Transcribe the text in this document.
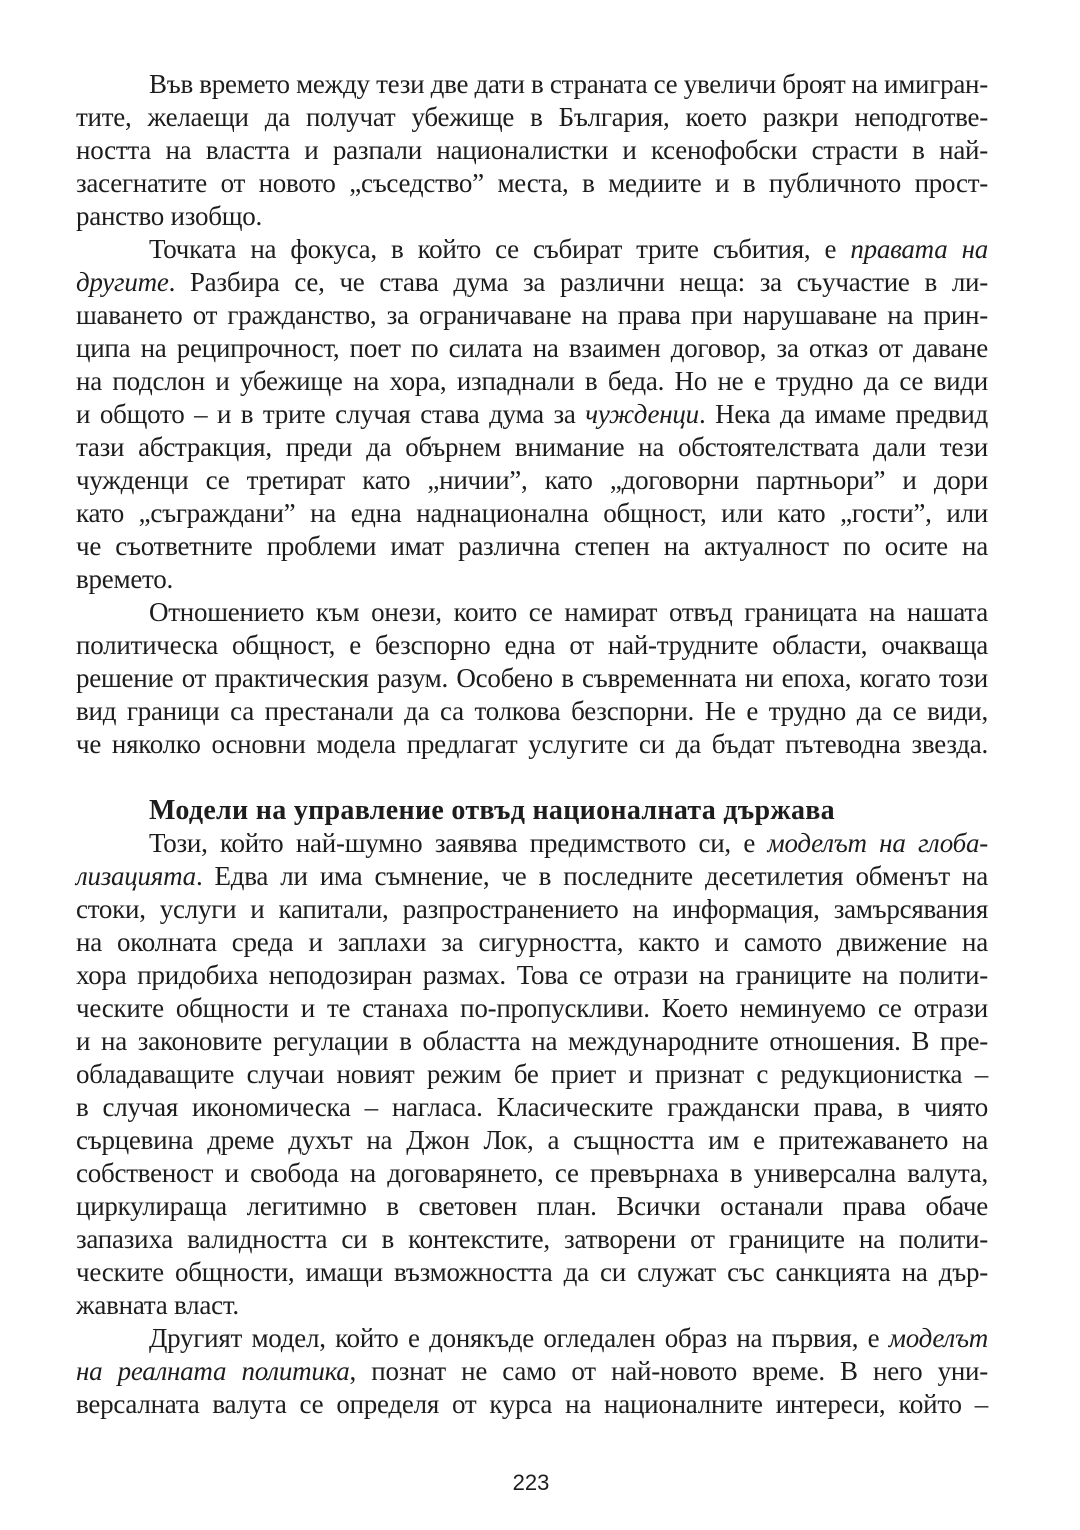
Във времето между тези две дати в страната се увеличи броят на имигран-
тите, желаещи да получат убежище в България, което разкри неподготве-
ността на властта и разпали националистки и ксенофобски страсти в най-
засегнатите от новото „съседство” места, в медиите и в публичното прост-
ранство изобщо.
Точката на фокуса, в който се събират трите събития, е правата на
другите. Разбира се, че става дума за различни неща: за съучастие в ли-
шаването от гражданство, за ограничаване на права при нарушаване на прин-
ципа на реципрочност, поет по силата на взаимен договор, за отказ от даване
на подслон и убежище на хора, изпаднали в беда. Но не е трудно да се види
и общото – и в трите случая става дума за чужденци. Нека да имаме предвид
тази абстракция, преди да обърнем внимание на обстоятелствата дали тези
чужденци се третират като „ничии”, като „договорни партньори” и дори
като „съграждани” на една наднационална общност, или като „гости”, или
че съответните проблеми имат различна степен на актуалност по осите на
времето.
Отношението към онези, които се намират отвъд границата на нашата
политическа общност, е безспорно една от най-трудните области, очакваща
решение от практическия разум. Особено в съвременната ни епоха, когато този
вид граници са престанали да са толкова безспорни. Не е трудно да се види,
че няколко основни модела предлагат услугите си да бъдат пътеводна звезда.
Модели на управление отвъд националната държава
Този, който най-шумно заявява предимството си, е моделът на глоба-
лизацията. Едва ли има съмнение, че в последните десетилетия обменът на
стоки, услуги и капитали, разпространението на информация, замърсявания
на околната среда и заплахи за сигурността, както и самото движение на
хора придобиха неподозиран размах. Това се отрази на границите на полити-
ческите общности и те станаха по-пропускливи. Което неминуемо се отрази
и на законовите регулации в областта на международните отношения. В пре-
обладаващите случаи новият режим бе приет и признат с редукционистка –
в случая икономическа – нагласа. Класическите граждански права, в чиято
сърцевина дреме духът на Джон Лок, а същността им е притежаването на
собственост и свобода на договарянето, се превърнаха в универсална валута,
циркулираща легитимно в световен план. Всички останали права обаче
запазиха валидността си в контекстите, затворени от границите на полити-
ческите общности, имащи възможността да си служат със санкцията на дър-
жавната власт.
Другият модел, който е донякъде огледален образ на първия, е моделът
на реалната политика, познат не само от най-новото време. В него уни-
версалната валута се определя от курса на националните интереси, който –
223
